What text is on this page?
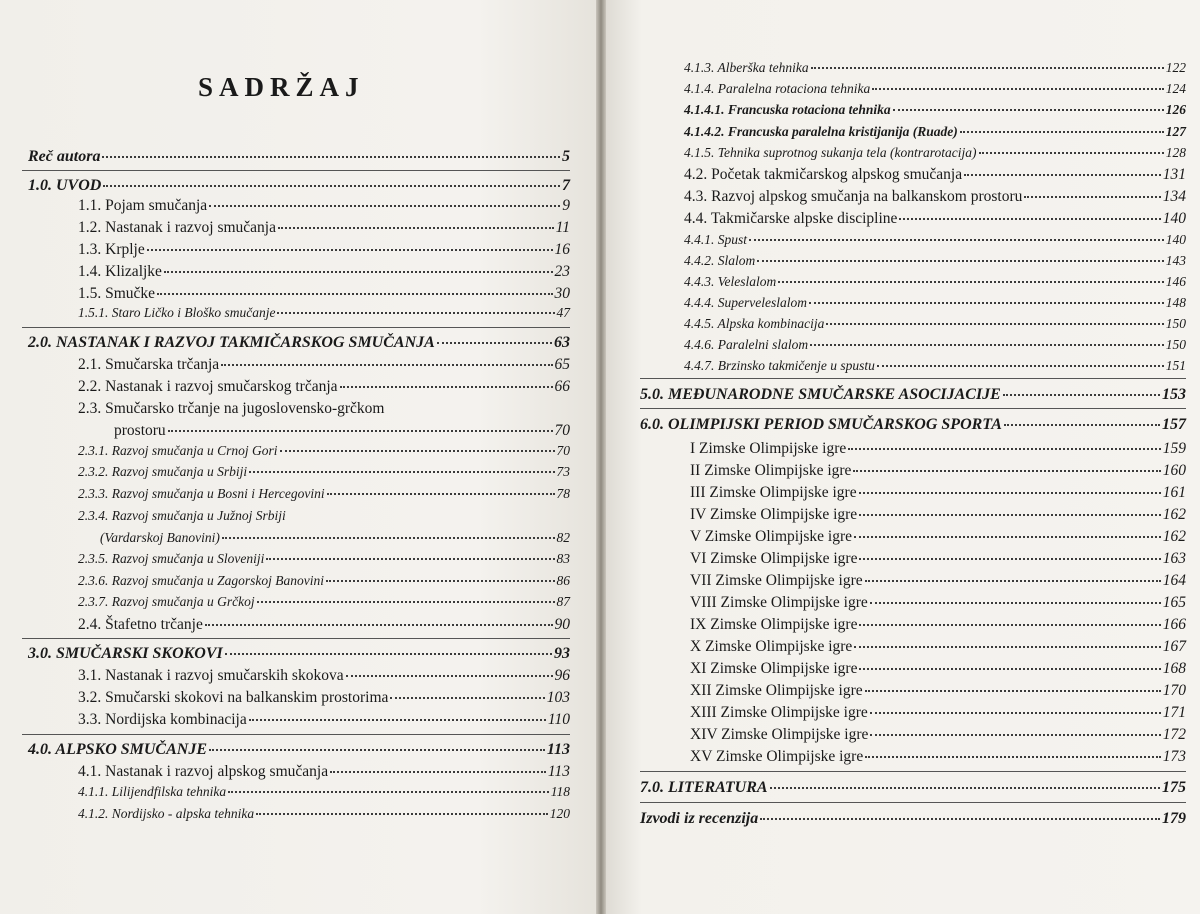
SADRŽAJ
Reč autora	5
1.0. UVOD	7
1.1. Pojam smučanja	9
1.2. Nastanak i razvoj smučanja	11
1.3. Krplje	16
1.4. Klizaljke	23
1.5. Smučke	30
1.5.1. Staro Ličko i Bloško smučanje	47
2.0. NASTANAK I RAZVOJ TAKMIČARSKOG SMUČANJA	63
2.1. Smučarska trčanja	65
2.2. Nastanak i razvoj smučarskog trčanja	66
2.3. Smučarsko trčanje na jugoslovensko-grčkom
prostoru	70
2.3.1. Razvoj smučanja u Crnoj Gori	70
2.3.2. Razvoj smučanja u Srbiji	73
2.3.3. Razvoj smučanja u Bosni i Hercegovini	78
2.3.4. Razvoj smučanja u Južnoj Srbiji
(Vardarskoj Banovini)	82
2.3.5. Razvoj smučanja u Sloveniji	83
2.3.6. Razvoj smučanja u Zagorskoj Banovini	86
2.3.7. Razvoj smučanja u Grčkoj	87
2.4. Štafetno trčanje	90
3.0. SMUČARSKI SKOKOVI	93
3.1. Nastanak i razvoj smučarskih skokova	96
3.2. Smučarski skokovi na balkanskim prostorima	103
3.3. Nordijska kombinacija	110
4.0. ALPSKO SMUČANJE	113
4.1. Nastanak i razvoj alpskog smučanja	113
4.1.1. Lilijendfilska tehnika	118
4.1.2. Nordijsko - alpska tehnika	120
4.1.3. Alberška tehnika	122
4.1.4. Paralelna rotaciona tehnika	124
4.1.4.1. Francuska rotaciona tehnika	126
4.1.4.2. Francuska paralelna kristijanija (Ruade)	127
4.1.5. Tehnika suprotnog sukanja tela (kontrarotacija)	128
4.2. Početak takmičarskog alpskog smučanja	131
4.3. Razvoj alpskog smučanja na balkanskom prostoru	134
4.4. Takmičarske alpske discipline	140
4.4.1. Spust	140
4.4.2. Slalom	143
4.4.3. Veleslalom	146
4.4.4. Superveleslalom	148
4.4.5. Alpska kombinacija	150
4.4.6. Paralelni slalom	150
4.4.7. Brzinsko takmičenje u spustu	151
5.0. MEĐUNARODNE SMUČARSKE ASOCIJACIJE	153
6.0. OLIMPIJSKI PERIOD SMUČARSKOG SPORTA	157
I Zimske Olimpijske igre	159
II Zimske Olimpijske igre	160
III Zimske Olimpijske igre	161
IV Zimske Olimpijske igre	162
V Zimske Olimpijske igre	162
VI Zimske Olimpijske igre	163
VII Zimske Olimpijske igre	164
VIII Zimske Olimpijske igre	165
IX Zimske Olimpijske igre	166
X Zimske Olimpijske igre	167
XI Zimske Olimpijske igre	168
XII Zimske Olimpijske igre	170
XIII Zimske Olimpijske igre	171
XIV Zimske Olimpijske igre	172
XV Zimske Olimpijske igre	173
7.0. LITERATURA	175
Izvodi iz recenzija	179
